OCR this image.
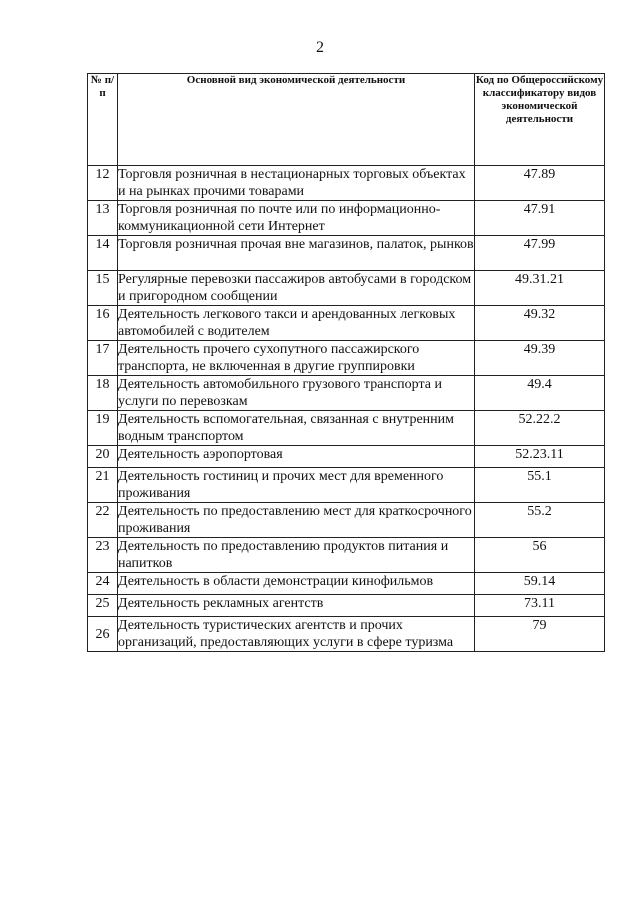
2
№ п/п	Основной вид экономической деятельности	Код по Общероссийскому классификатору видов экономической деятельности
12	Торговля розничная в нестационарных торговых объектах и на рынках прочими товарами	47.89
13	Торговля розничная по почте или по информационно-коммуникационной сети Интернет	47.91
14	Торговля розничная прочая вне магазинов, палаток, рынков	47.99
15	Регулярные перевозки пассажиров автобусами в городском и пригородном сообщении	49.31.21
16	Деятельность легкового такси и арендованных легковых автомобилей с водителем	49.32
17	Деятельность прочего сухопутного пассажирского транспорта, не включенная в другие группировки	49.39
18	Деятельность автомобильного грузового транспорта и услуги по перевозкам	49.4
19	Деятельность вспомогательная, связанная с внутренним водным транспортом	52.22.2
20	Деятельность аэропортовая	52.23.11
21	Деятельность гостиниц и прочих мест для временного проживания	55.1
22	Деятельность по предоставлению мест для краткосрочного проживания	55.2
23	Деятельность по предоставлению продуктов питания и напитков	56
24	Деятельность в области демонстрации кинофильмов	59.14
25	Деятельность рекламных агентств	73.11
26	Деятельность туристических агентств и прочих организаций, предоставляющих услуги в сфере туризма	79
